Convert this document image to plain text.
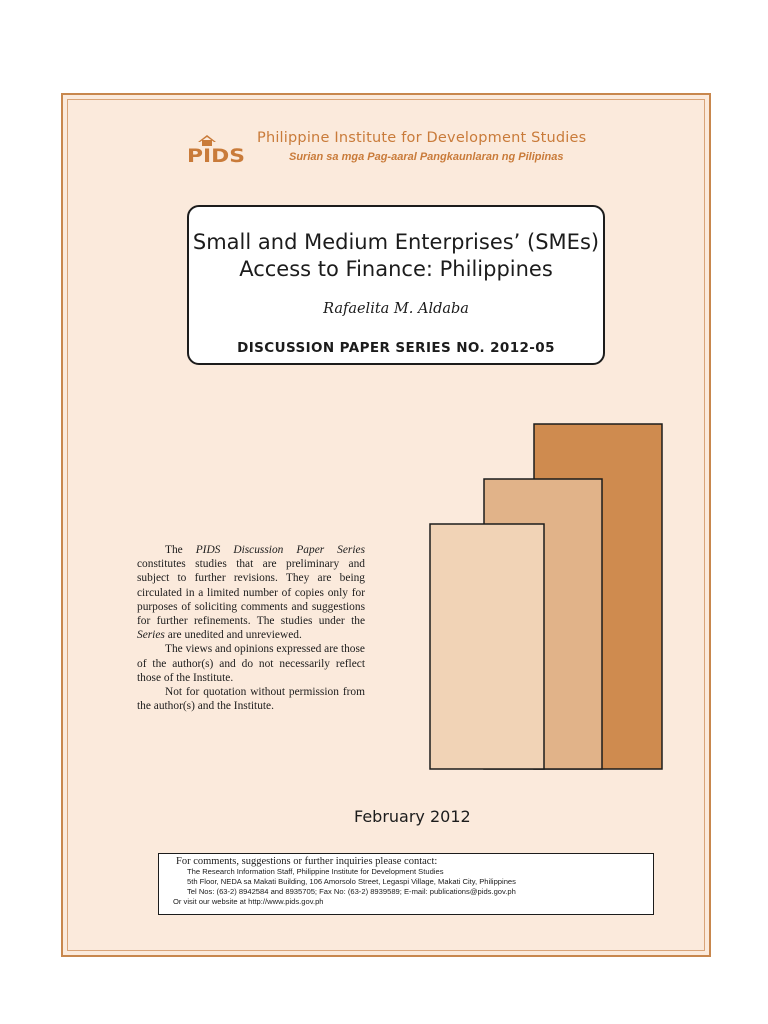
PIDS
Philippine Institute for Development Studies
Surian sa mga Pag-aaral Pangkaunlaran ng Pilipinas
Small and Medium Enterprises’ (SMEs)
Access to Finance: Philippines
Rafaelita M. Aldaba
DISCUSSION PAPER SERIES NO. 2012-05

The PIDS Discussion Paper Series constitutes studies that are preliminary and subject to further revisions. They are being circulated in a limited number of copies only for purposes of soliciting comments and suggestions for further refinements. The studies under the Series are unedited and unreviewed.

The views and opinions expressed are those of the author(s) and do not necessarily reflect those of the Institute.

Not for quotation without permission from the author(s) and the Institute.

February 2012
For comments, suggestions or further inquiries please contact:
The Research Information Staff, Philippine Institute for Development Studies
5th Floor, NEDA sa Makati Building, 106 Amorsolo Street, Legaspi Village, Makati City, Philippines
Tel Nos: (63-2) 8942584 and 8935705; Fax No: (63-2) 8939589; E-mail: publications@pids.gov.ph
Or visit our website at http://www.pids.gov.ph
